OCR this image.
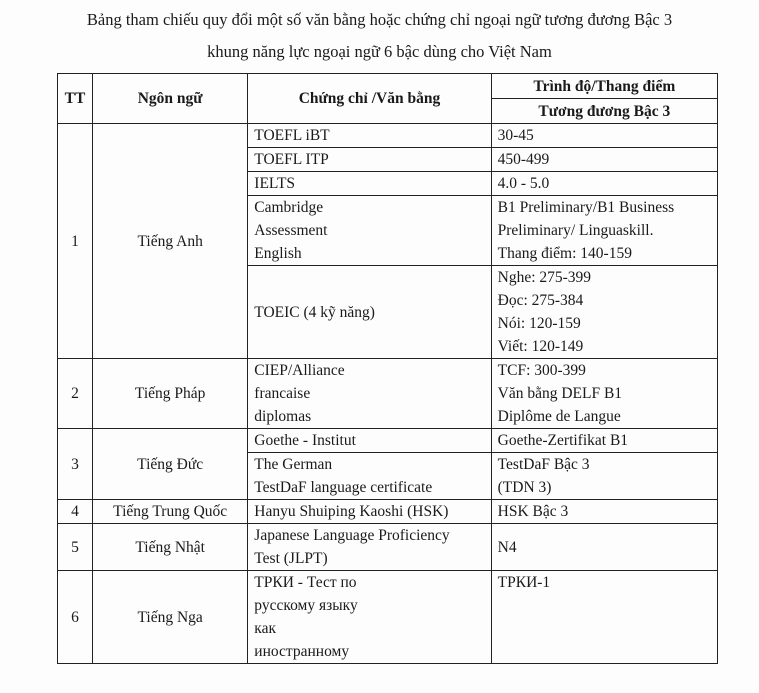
Bảng tham chiếu quy đổi một số văn bằng hoặc chứng chỉ ngoại ngữ tương đương Bậc 3
khung năng lực ngoại ngữ 6 bậc dùng cho Việt Nam
TT	Ngôn ngữ	Chứng chỉ /Văn bằng	Trình độ/Thang điểm
			Tương đương Bậc 3
1	Tiếng Anh	TOEFL iBT	30-45

		TOEFL ITP	450-499

		IELTS	4.0 - 5.0

		Cambridge
Assessment
English	B1 Preliminary/B1 Business
Preliminary/ Linguaskill.
Thang điểm: 140-159

		TOEIC (4 kỹ năng)	Nghe: 275-399
Đọc: 275-384
Nói: 120-159
Viết: 120-149

2	Tiếng Pháp	CIEP/Alliance
francaise
diplomas	TCF: 300-399
Văn bằng DELF B1
Diplôme de Langue

3	Tiếng Đức	Goethe - Institut	Goethe-Zertifikat B1

		The German
TestDaF language certificate	TestDaF Bậc 3
(TDN 3)

4	Tiếng Trung Quốc	Hanyu Shuiping Kaoshi (HSK)	HSK Bậc 3

5	Tiếng Nhật	Japanese Language Proficiency
Test (JLPT)	N4

6	Tiếng Nga	ТРКИ - Тест по
русскому языку
как
иностранному	ТРКИ-1
